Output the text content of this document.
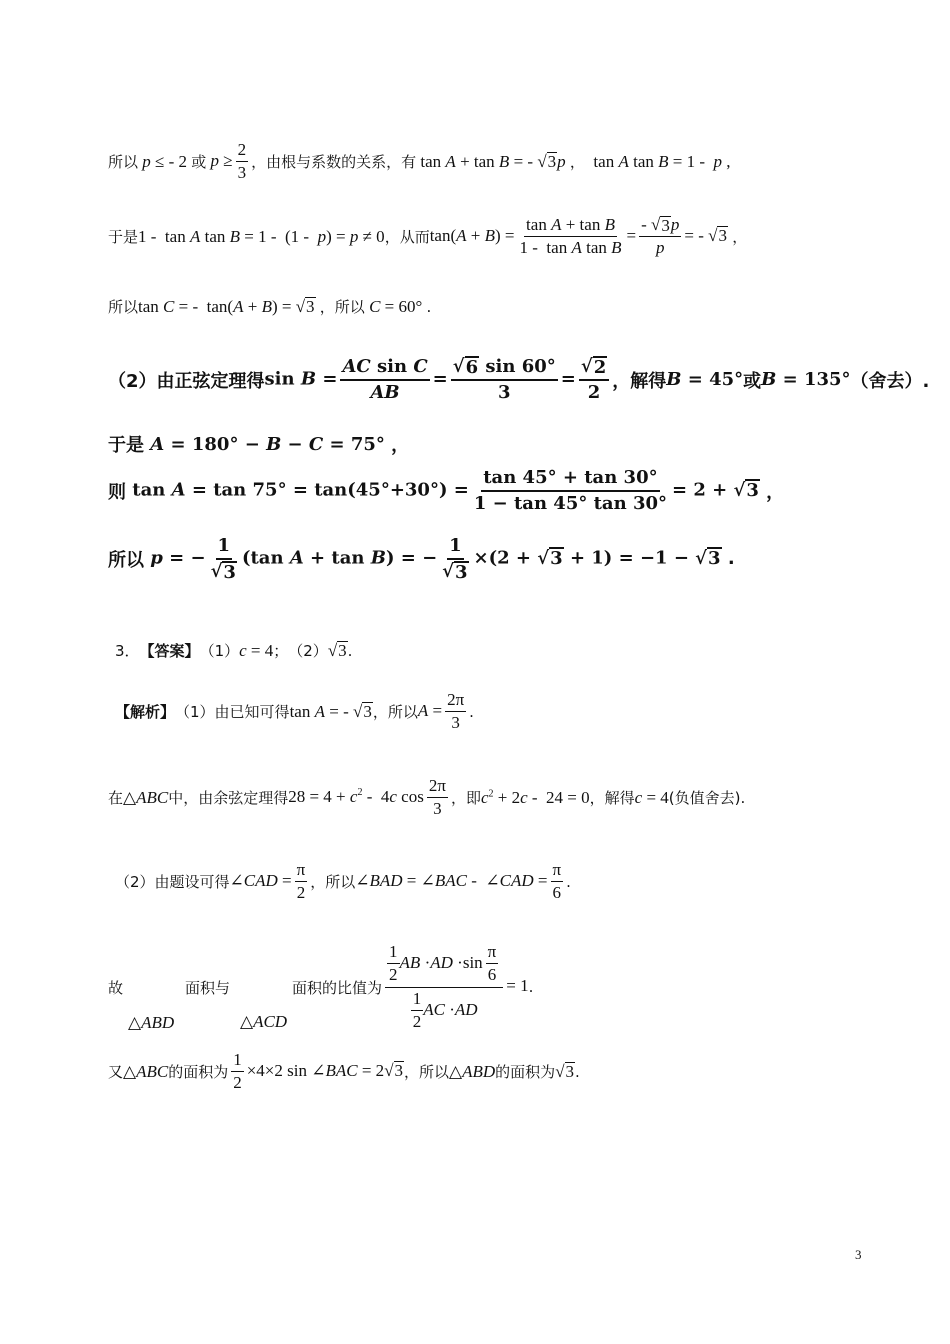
所以 p ≤ - 2 或 $p \ge \frac{2}{3}$ ，由根与系数的关系，有 tan A + tan B = - √ 3 p ， tan A tan B = 1 -  p ,
于是 1 -  tan A tan B = 1 -  (1 -  p) = p ≠ 0 ，从而 $\tan(A + B) = \frac{\text{tan A + tan B}}{\text{1 -  tan A tan B}} = \frac{- √ 3 p}{p}$ = - √ 3
，
所以 tan C = -  tan(A + B) = √ 3
，所以 C = 60° .
（2）由正弦定理得 $\sin B = \frac{\text{AC sin C}}{AB} = \frac{√ 6 \sin 60^\circ}{3} = \frac{√ 2}{2}$ ，解得 B = 45° 或 B = 135° （舍去）.
于是 A = 180° − B − C = 75° ，
则 $\tan A = \tan 75^\circ = \tan(45^\circ+30^\circ) = \frac{\tan 45^\circ + \tan 30^\circ}{1 - \tan 45^\circ \tan 30^\circ} = 2$ + √ 3
，
所以 p = − $\frac{1}{√ 3} (\tan$ A + tan B) = − $\frac{1}{√ 3} \times(2$ + √ 3 + 1) = −1 − √ 3
.
3． 【答案】 （1） c = 4 ； （2） √ 3 .
【解析】 （1）由已知可得 tan A = - √ 3 ，所以 $A = \frac{2\pi}{3}$ .
在 △ABC 中，由余弦定理得 $28 = 4 + c^2 - 4c$ $\cos \frac{2\pi}{3}$ ，即 $c^2 + 2c - 24 = 0$ ，解得 c = 4 (负值舍去).
（2）由题设可得 ∠CAD = $\frac{\pi}{2}$ ，所以 ∠BAD = ∠BAC -  ∠CAD = $\frac{\pi}{6}$ .
故	面积与	面积的比值为 $\frac{\frac{1}{2} AB \cdot AD \cdot\sin \frac{\pi}{6}}{\frac{1}{2} AC \cdot AD} = 1$ .
△ABD	△ACD
又 △ABC 的面积为 $\frac{1}{2} \times 4\times 2$ sin ∠BAC = 2√ 3 ，所以 △ABD 的面积为 √ 3 .
3
